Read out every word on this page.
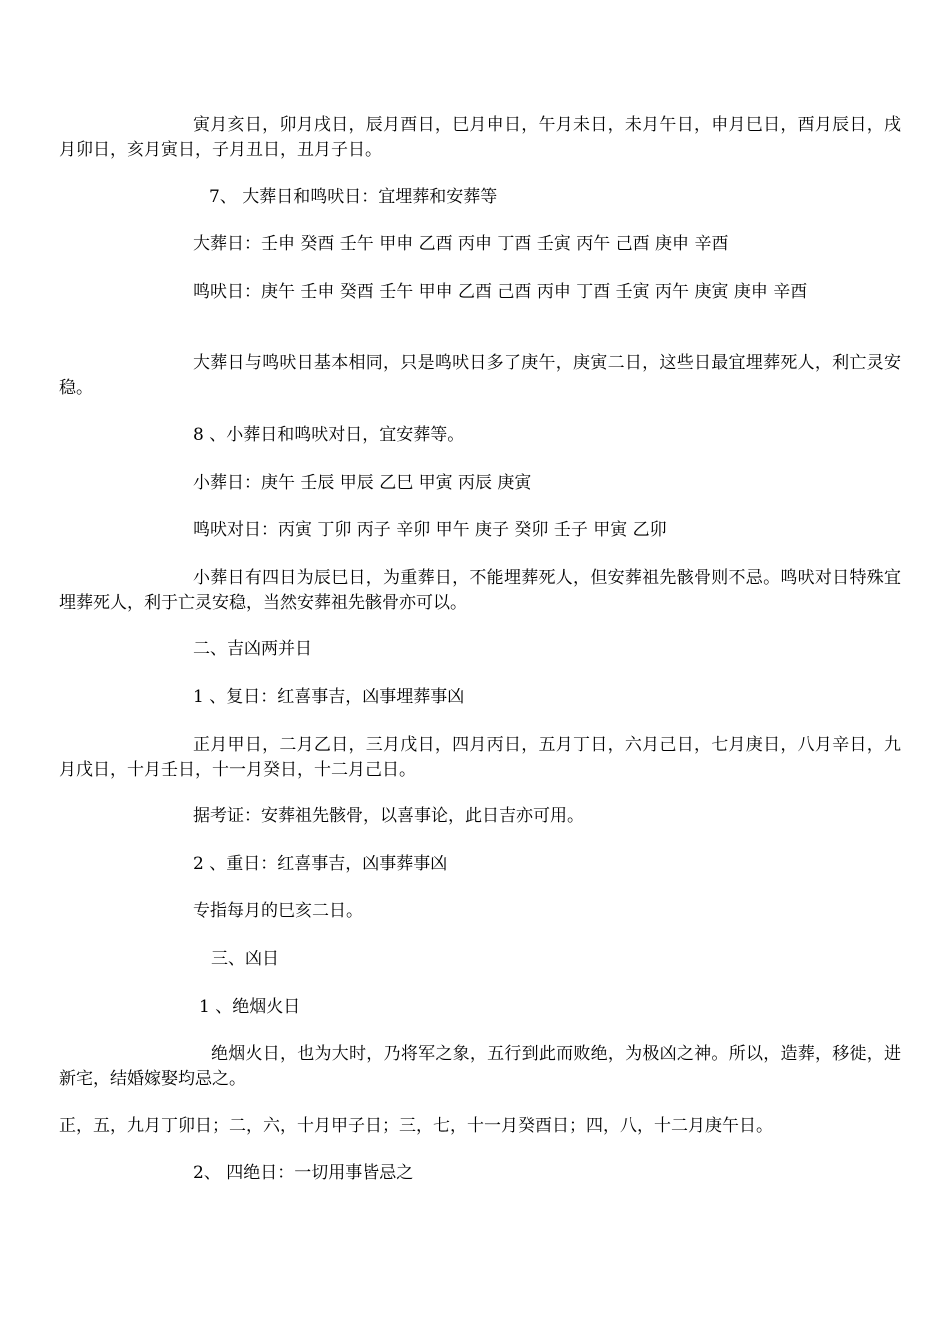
寅月亥日，卯月戌日，辰月酉日，巳月申日，午月未日，未月午日，申月巳日，酉月辰日，戌月卯日，亥月寅日，子月丑日，丑月子日。

7、 大葬日和鸣吠日：宜埋葬和安葬等

大葬日：壬申 癸酉 壬午 甲申 乙酉 丙申 丁酉 壬寅 丙午 己酉 庚申 辛酉

鸣吠日：庚午 壬申 癸酉 壬午 甲申 乙酉 己酉 丙申 丁酉 壬寅 丙午 庚寅 庚申 辛酉

大葬日与鸣吠日基本相同，只是鸣吠日多了庚午，庚寅二日，这些日最宜埋葬死人，利亡灵安稳。

8 、小葬日和鸣吠对日，宜安葬等。

小葬日：庚午 壬辰 甲辰 乙巳 甲寅 丙辰 庚寅

鸣吠对日：丙寅 丁卯 丙子 辛卯 甲午 庚子 癸卯 壬子 甲寅 乙卯

小葬日有四日为辰巳日，为重葬日，不能埋葬死人，但安葬祖先骸骨则不忌。鸣吠对日特殊宜埋葬死人，利于亡灵安稳，当然安葬祖先骸骨亦可以。

二、吉凶两并日

1 、复日：红喜事吉，凶事埋葬事凶

正月甲日，二月乙日，三月戊日，四月丙日，五月丁日，六月己日，七月庚日，八月辛日，九月戊日，十月壬日，十一月癸日，十二月己日。

据考证：安葬祖先骸骨，以喜事论，此日吉亦可用。

2 、重日：红喜事吉，凶事葬事凶

专指每月的巳亥二日。

三、凶日

1 、绝烟火日

绝烟火日，也为大时，乃将军之象，五行到此而败绝，为极凶之神。所以，造葬，移徙，进新宅，结婚嫁娶均忌之。

正，五，九月丁卯日；二，六，十月甲子日；三，七，十一月癸酉日；四，八，十二月庚午日。

2、 四绝日：一切用事皆忌之
